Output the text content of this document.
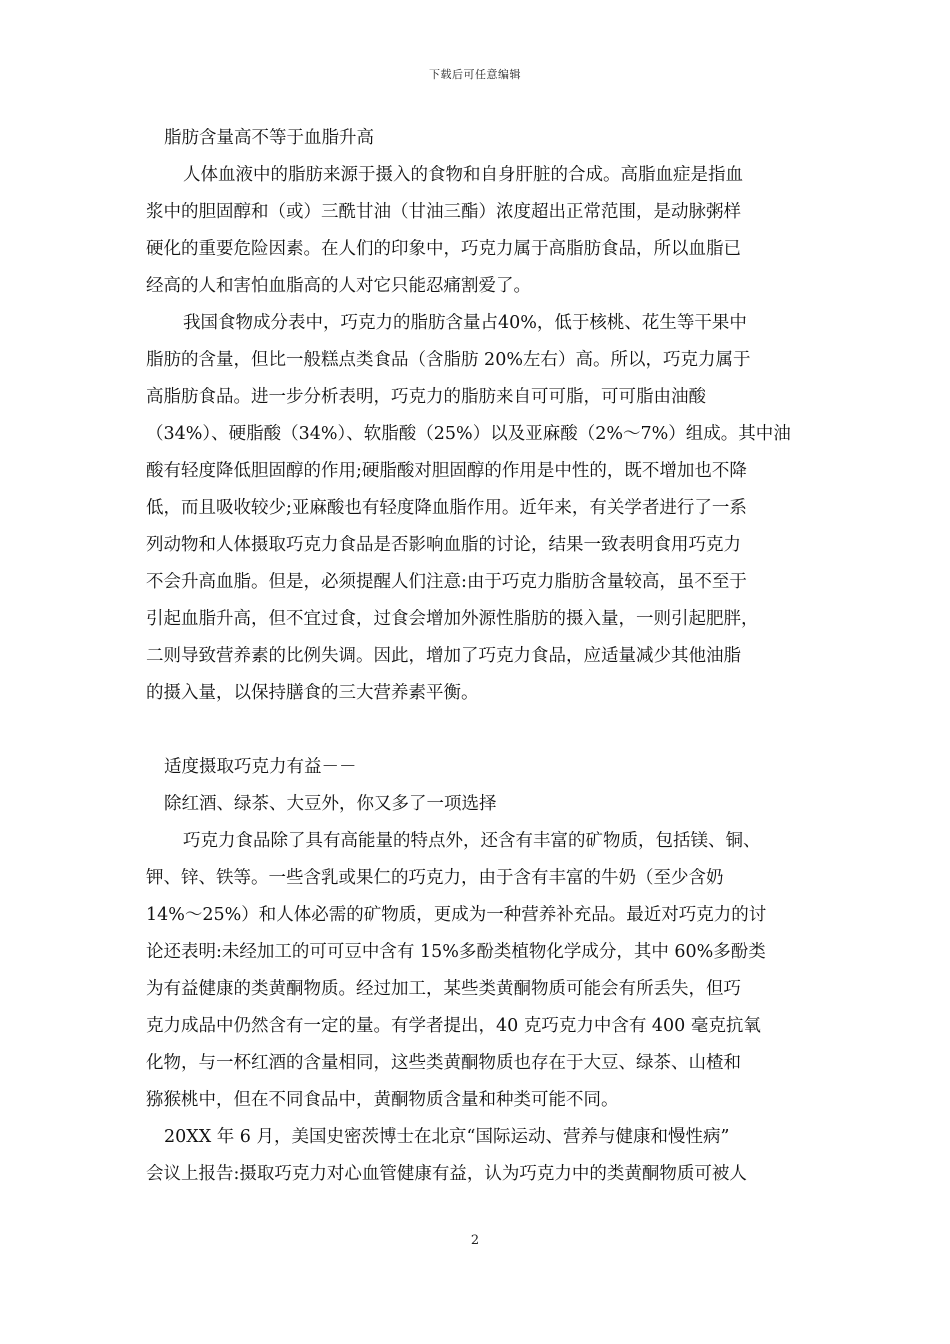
下载后可任意编辑
脂肪含量高不等于血脂升高
人体血液中的脂肪来源于摄入的食物和自身肝脏的合成。高脂血症是指血
浆中的胆固醇和（或）三酰甘油（甘油三酯）浓度超出正常范围，是动脉粥样
硬化的重要危险因素。在人们的印象中，巧克力属于高脂肪食品，所以血脂已
经高的人和害怕血脂高的人对它只能忍痛割爱了。
我国食物成分表中，巧克力的脂肪含量占40%，低于核桃、花生等干果中
脂肪的含量，但比一般糕点类食品（含脂肪 20%左右）高。所以，巧克力属于
高脂肪食品。进一步分析表明，巧克力的脂肪来自可可脂，可可脂由油酸
（34%）、硬脂酸（34%）、软脂酸（25%）以及亚麻酸（2%～7%）组成。其中油
酸有轻度降低胆固醇的作用;硬脂酸对胆固醇的作用是中性的，既不增加也不降
低，而且吸收较少;亚麻酸也有轻度降血脂作用。近年来，有关学者进行了一系
列动物和人体摄取巧克力食品是否影响血脂的讨论，结果一致表明食用巧克力
不会升高血脂。但是，必须提醒人们注意:由于巧克力脂肪含量较高，虽不至于
引起血脂升高，但不宜过食，过食会增加外源性脂肪的摄入量，一则引起肥胖，
二则导致营养素的比例失调。因此，增加了巧克力食品，应适量减少其他油脂
的摄入量，以保持膳食的三大营养素平衡。
适度摄取巧克力有益－－
除红酒、绿茶、大豆外，你又多了一项选择
巧克力食品除了具有高能量的特点外，还含有丰富的矿物质，包括镁、铜、
钾、锌、铁等。一些含乳或果仁的巧克力，由于含有丰富的牛奶（至少含奶
14%～25%）和人体必需的矿物质，更成为一种营养补充品。最近对巧克力的讨
论还表明:未经加工的可可豆中含有 15%多酚类植物化学成分，其中 60%多酚类
为有益健康的类黄酮物质。经过加工，某些类黄酮物质可能会有所丢失，但巧
克力成品中仍然含有一定的量。有学者提出，40 克巧克力中含有 400 毫克抗氧
化物，与一杯红酒的含量相同，这些类黄酮物质也存在于大豆、绿茶、山楂和
猕猴桃中，但在不同食品中，黄酮物质含量和种类可能不同。
20XX 年 6 月，美国史密茨博士在北京“国际运动、营养与健康和慢性病”
会议上报告:摄取巧克力对心血管健康有益，认为巧克力中的类黄酮物质可被人
2
